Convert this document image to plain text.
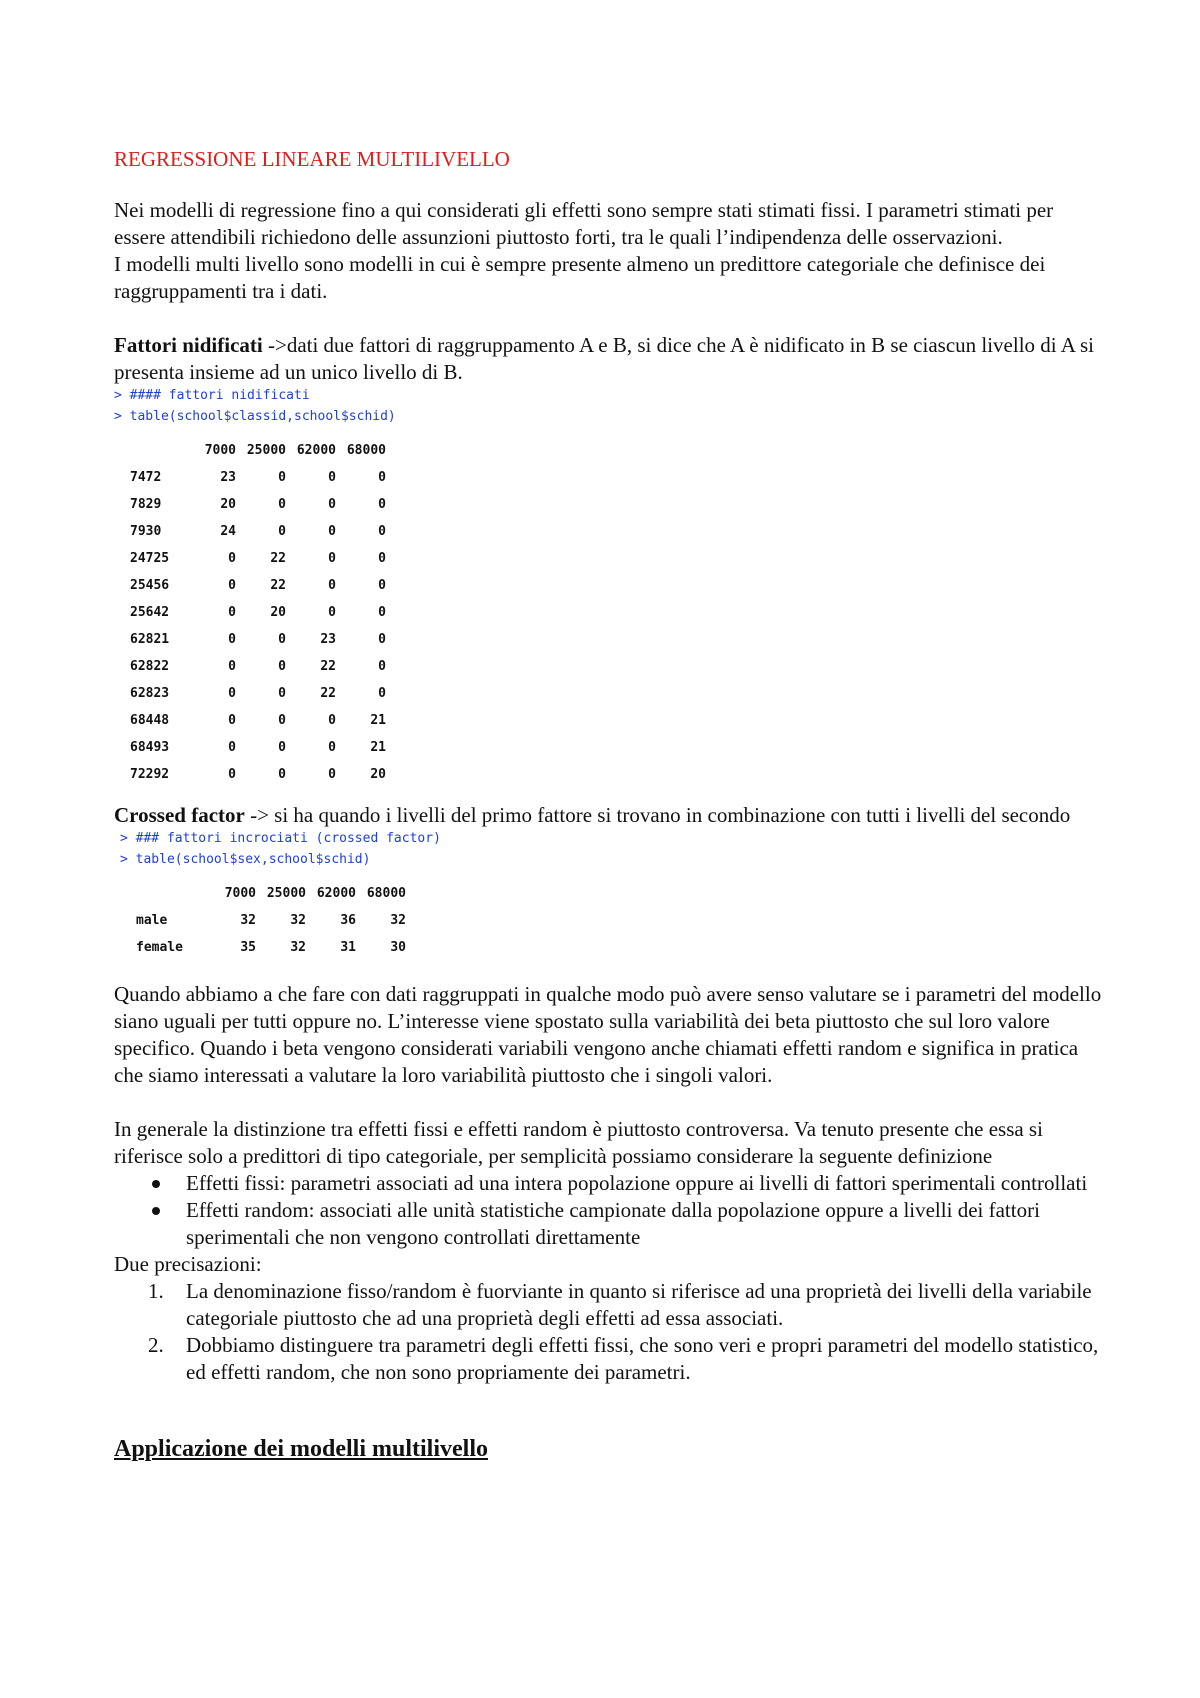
REGRESSIONE LINEARE MULTILIVELLO

Nei modelli di regressione fino a qui considerati gli effetti sono sempre stati stimati fissi. I parametri stimati per essere attendibili richiedono delle assunzioni piuttosto forti, tra le quali l’indipendenza delle osservazioni.

I modelli multi livello sono modelli in cui è sempre presente almeno un predittore categoriale che definisce dei raggruppamenti tra i dati.

Fattori nidificati ->dati due fattori di raggruppamento A e B, si dice che A è nidificato in B se ciascun livello di A si presenta insieme ad un unico livello di B.

> #### fattori nidificati
> table(school$classid,school$schid)
	7000	25000	62000	68000
7472	23	0	0	0
7829	20	0	0	0
7930	24	0	0	0
24725	0	22	0	0
25456	0	22	0	0
25642	0	20	0	0
62821	0	0	23	0
62822	0	0	22	0
62823	0	0	22	0
68448	0	0	0	21
68493	0	0	0	21
72292	0	0	0	20

Crossed factor -> si ha quando i livelli del primo fattore si trovano in combinazione con tutti i livelli del secondo

> ### fattori incrociati (crossed factor)
> table(school$sex,school$schid)
	7000	25000	62000	68000
male	32	32	36	32
female	35	32	31	30

Quando abbiamo a che fare con dati raggruppati in qualche modo può avere senso valutare se i parametri del modello siano uguali per tutti oppure no. L’interesse viene spostato sulla variabilità dei beta piuttosto che sul loro valore specifico. Quando i beta vengono considerati variabili vengono anche chiamati effetti random e significa in pratica che siamo interessati a valutare la loro variabilità piuttosto che i singoli valori.

In generale la distinzione tra effetti fissi e effetti random è piuttosto controversa. Va tenuto presente che essa si riferisce solo a predittori di tipo categoriale, per semplicità possiamo considerare la seguente definizione

Effetti fissi: parametri associati ad una intera popolazione oppure ai livelli di fattori sperimentali controllati
Effetti random: associati alle unità statistiche campionate dalla popolazione oppure a livelli dei fattori sperimentali che non vengono controllati direttamente

Due precisazioni:

1. La denominazione fisso/random è fuorviante in quanto si riferisce ad una proprietà dei livelli della variabile categoriale piuttosto che ad una proprietà degli effetti ad essa associati.
2. Dobbiamo distinguere tra parametri degli effetti fissi, che sono veri e propri parametri del modello statistico, ed effetti random, che non sono propriamente dei parametri.
Applicazione dei modelli multilivello
